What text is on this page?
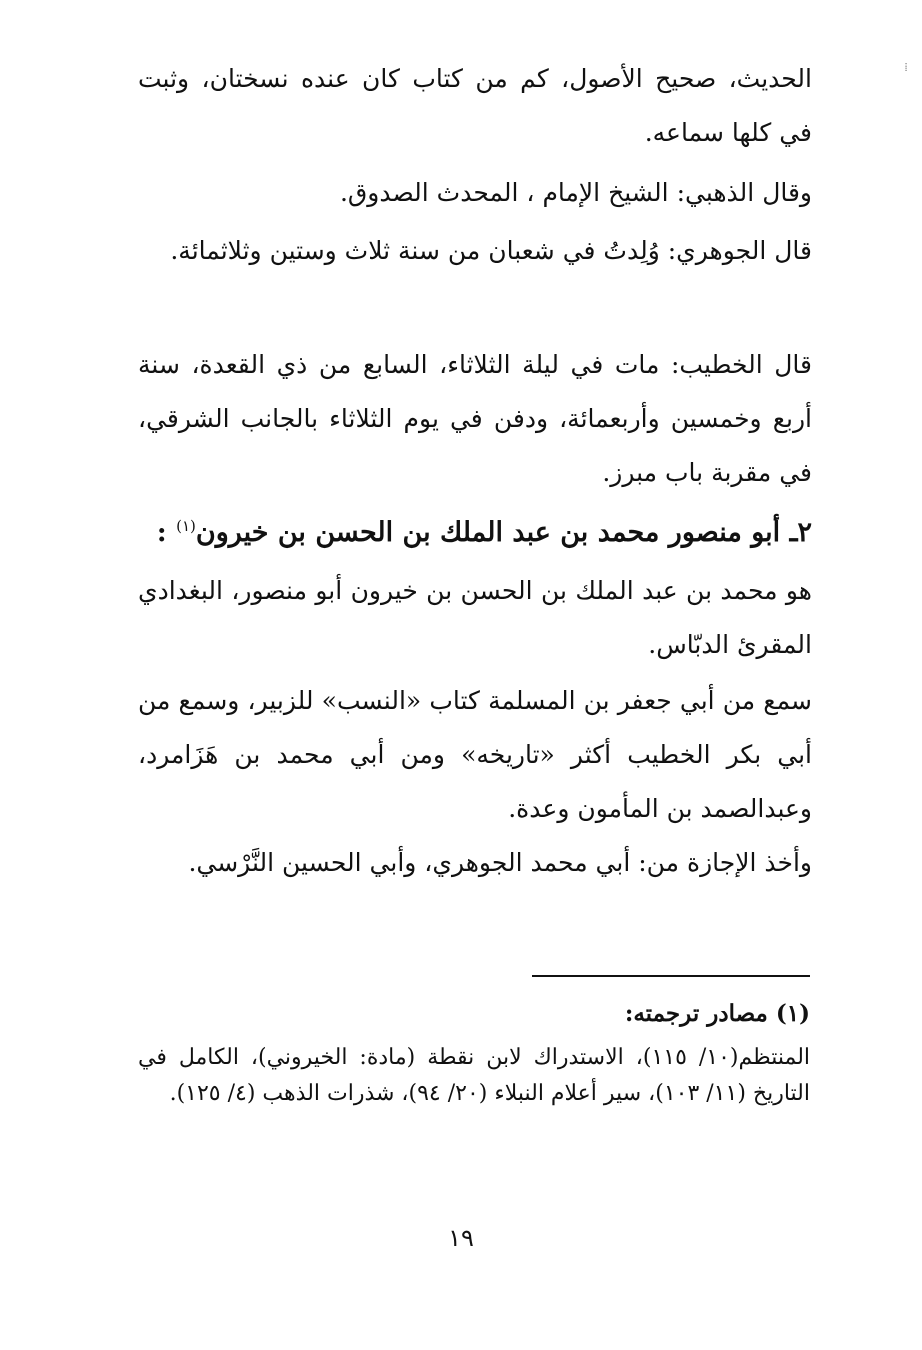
الحديث، صحيح الأصول، كم من كتاب كان عنده نسختان، وثبت في كلها سماعه.

وقال الذهبي: الشيخ الإمام ، المحدث الصدوق.

قال الجوهري: وُلِدتُ في شعبان من سنة ثلاث وستين وثلاثمائة.

قال الخطيب: مات في ليلة الثلاثاء، السابع من ذي القعدة، سنة أربع وخمسين وأربعمائة، ودفن في يوم الثلاثاء بالجانب الشرقي، في مقربة باب مبرز.

٢ـ أبو منصور محمد بن عبد الملك بن الحسن بن خيرون$^{(١)}$ :

هو محمد بن عبد الملك بن الحسن بن خيرون أبو منصور، البغدادي المقرئ الدبّاس.

سمع من أبي جعفر بن المسلمة كتاب «النسب» للزبير، وسمع من أبي بكر الخطيب أكثر «تاريخه» ومن أبي محمد بن هَزَامرد، وعبدالصمد بن المأمون وعدة.

وأخذ الإجازة من: أبي محمد الجوهري، وأبي الحسين النَّرْسي.

(١) مصادر ترجمته:

المنتظم(١٠/ ١١٥)، الاستدراك لابن نقطة (مادة: الخيروني)، الكامل في التاريخ (١١/ ١٠٣)، سير أعلام النبلاء (٢٠/ ٩٤)، شذرات الذهب (٤/ ١٢٥).

١٩
⁞
